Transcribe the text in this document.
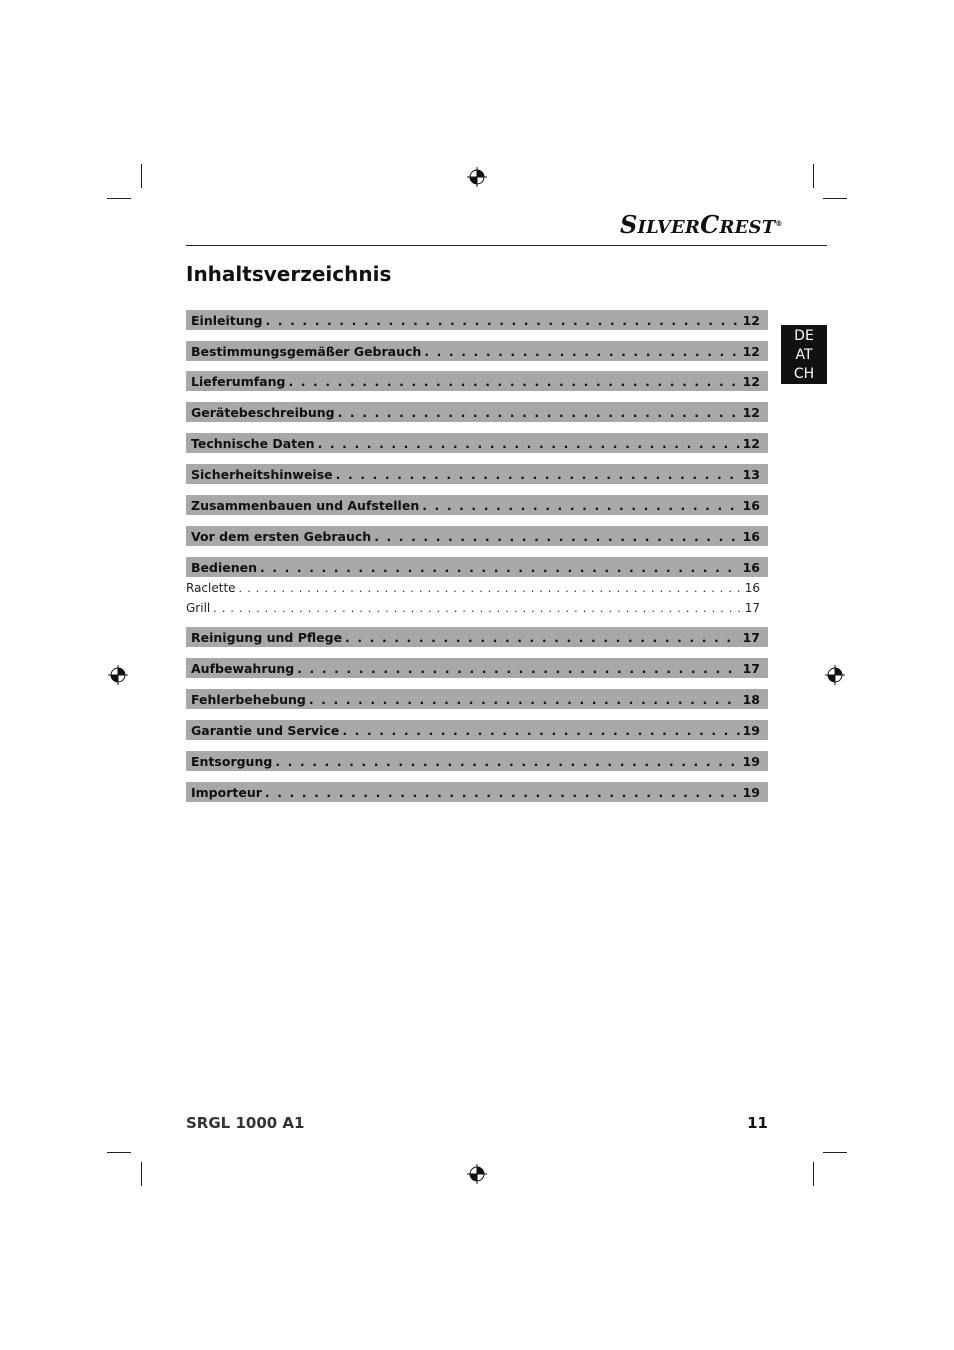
SILVERCREST®
Inhaltsverzeichnis
DE
AT
CH
Einleitung . . .	12
Bestimmungsgemäßer Gebrauch . . .	12
Lieferumfang . . .	12
Gerätebeschreibung . . .	12
Technische Daten . . .	12
Sicherheitshinweise . . .	13
Zusammenbauen und Aufstellen . . .	16
Vor dem ersten Gebrauch . . .	16
Bedienen . . .	16
Raclette . . .	16
Grill . . .	17
Reinigung und Pflege . . .	17
Aufbewahrung . . .	17
Fehlerbehebung . . .	18
Garantie und Service . . .	19
Entsorgung . . .	19
Importeur . . .	19
SRGL 1000 A1	11
